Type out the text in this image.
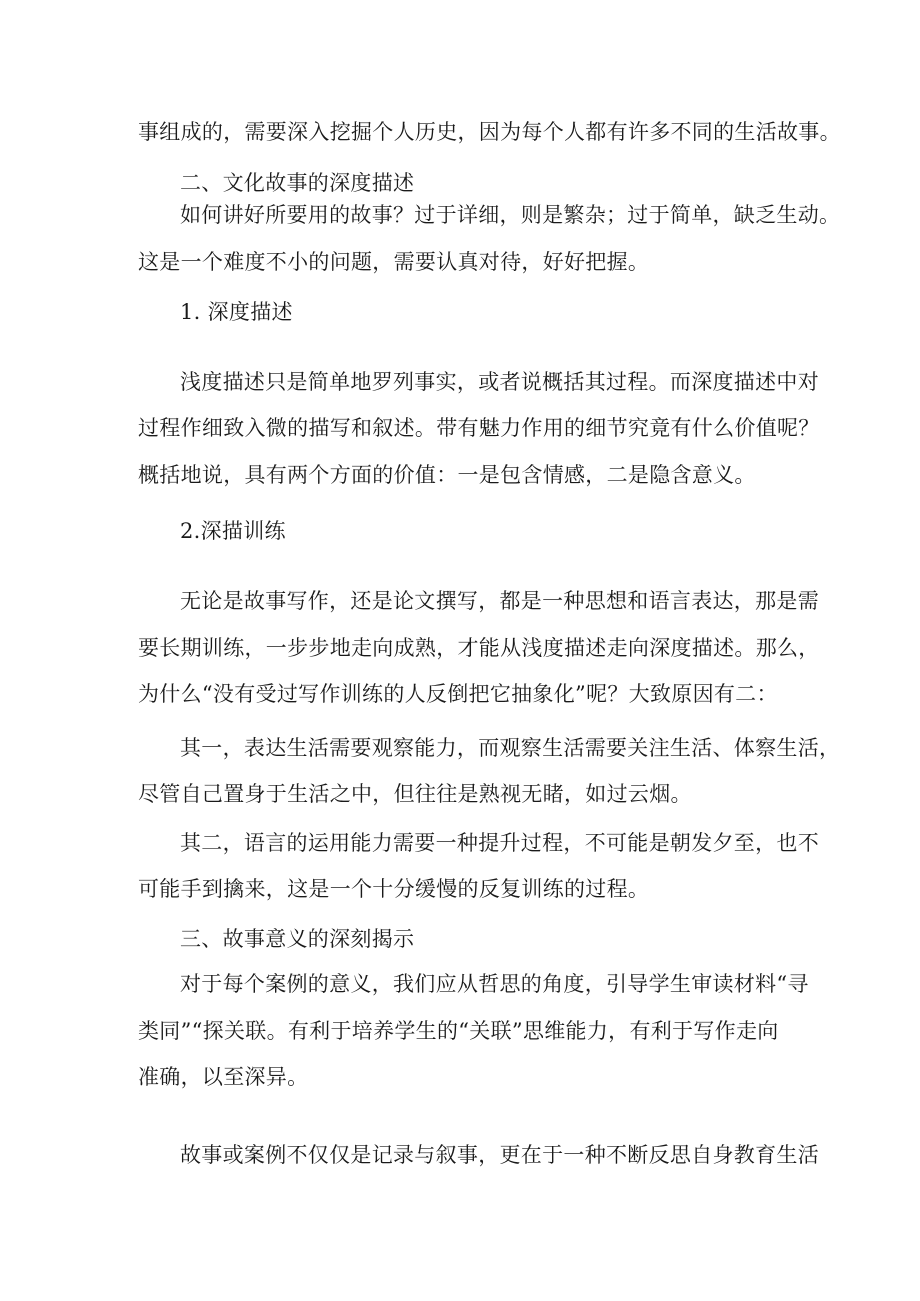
事组成的，需要深入挖掘个人历史，因为每个人都有许多不同的生活故事。
二、文化故事的深度描述
如何讲好所要用的故事？过于详细，则是繁杂；过于简单，缺乏生动。
这是一个难度不小的问题，需要认真对待，好好把握。
1. 深度描述
浅度描述只是简单地罗列事实，或者说概括其过程。而深度描述中对
过程作细致入微的描写和叙述。带有魅力作用的细节究竟有什么价值呢？
概括地说，具有两个方面的价值：一是包含情感，二是隐含意义。
2.深描训练
无论是故事写作，还是论文撰写，都是一种思想和语言表达，那是需
要长期训练，一步步地走向成熟，才能从浅度描述走向深度描述。那么，
为什么“没有受过写作训练的人反倒把它抽象化”呢？大致原因有二：
其一，表达生活需要观察能力，而观察生活需要关注生活、体察生活，
尽管自己置身于生活之中，但往往是熟视无睹，如过云烟。
其二，语言的运用能力需要一种提升过程，不可能是朝发夕至，也不
可能手到擒来，这是一个十分缓慢的反复训练的过程。
三、故事意义的深刻揭示
对于每个案例的意义，我们应从哲思的角度，引导学生审读材料“寻
类同”“探关联。有利于培养学生的“关联”思维能力，有利于写作走向
准确，以至深异。
故事或案例不仅仅是记录与叙事，更在于一种不断反思自身教育生活
